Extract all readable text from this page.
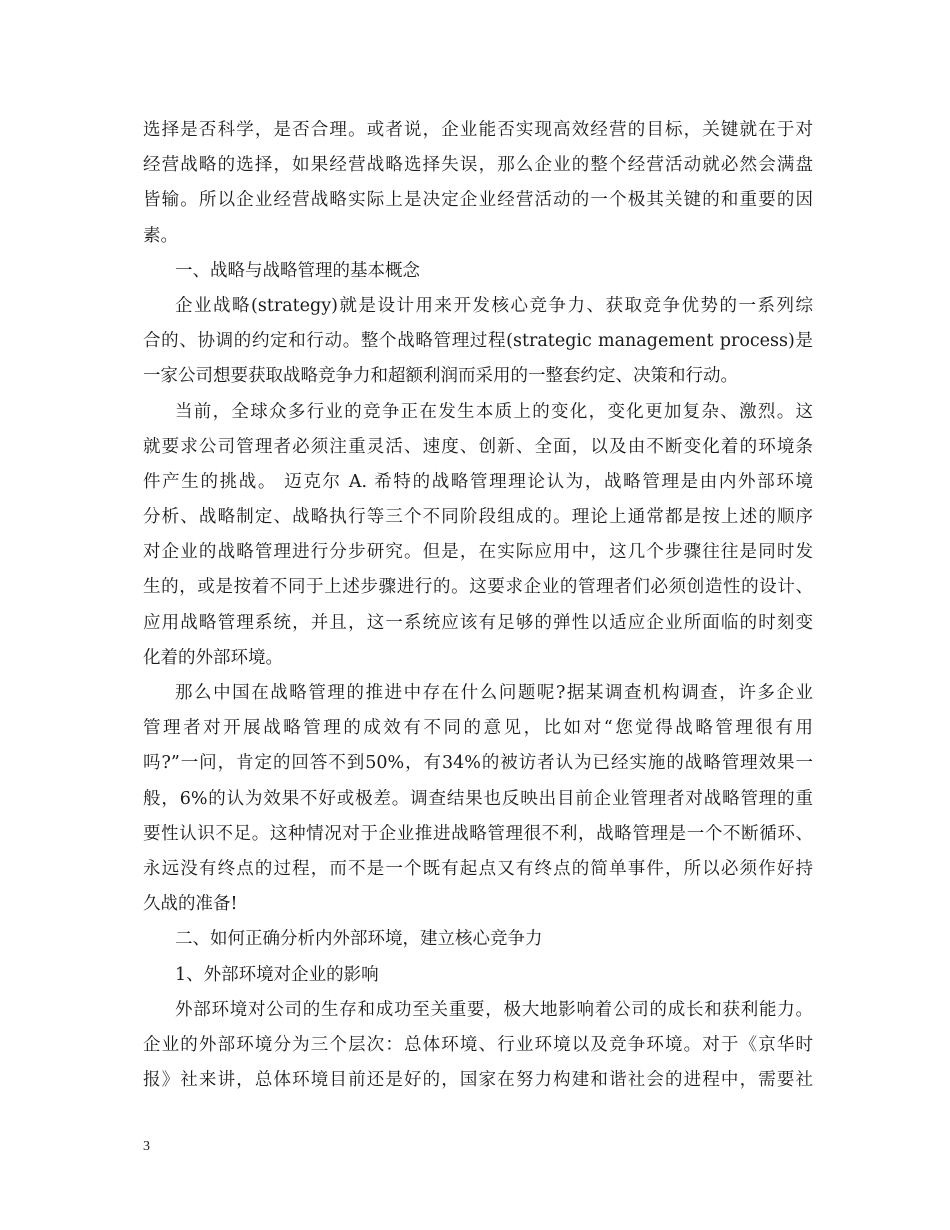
选择是否科学，是否合理。或者说，企业能否实现高效经营的目标，关键就在于对
经营战略的选择，如果经营战略选择失误，那么企业的整个经营活动就必然会满盘
皆输。所以企业经营战略实际上是决定企业经营活动的一个极其关键的和重要的因
素。
一、战略与战略管理的基本概念
企业战略(strategy)就是设计用来开发核心竞争力、获取竞争优势的一系列综
合的、协调的约定和行动。整个战略管理过程(strategic management process)是
一家公司想要获取战略竞争力和超额利润而采用的一整套约定、决策和行动。
当前，全球众多行业的竞争正在发生本质上的变化，变化更加复杂、激烈。这
就要求公司管理者必须注重灵活、速度、创新、全面，以及由不断变化着的环境条
件产生的挑战。 迈克尔 A. 希特的战略管理理论认为，战略管理是由内外部环境
分析、战略制定、战略执行等三个不同阶段组成的。理论上通常都是按上述的顺序
对企业的战略管理进行分步研究。但是，在实际应用中，这几个步骤往往是同时发
生的，或是按着不同于上述步骤进行的。这要求企业的管理者们必须创造性的设计、
应用战略管理系统，并且，这一系统应该有足够的弹性以适应企业所面临的时刻变
化着的外部环境。
那么中国在战略管理的推进中存在什么问题呢?据某调查机构调查，许多企业
管理者对开展战略管理的成效有不同的意见，比如对“您觉得战略管理很有用
吗?”一问，肯定的回答不到50%，有34%的被访者认为已经实施的战略管理效果一
般，6%的认为效果不好或极差。调查结果也反映出目前企业管理者对战略管理的重
要性认识不足。这种情况对于企业推进战略管理很不利，战略管理是一个不断循环、
永远没有终点的过程，而不是一个既有起点又有终点的简单事件，所以必须作好持
久战的准备!
二、如何正确分析内外部环境，建立核心竞争力
1、外部环境对企业的影响
外部环境对公司的生存和成功至关重要，极大地影响着公司的成长和获利能力。
企业的外部环境分为三个层次：总体环境、行业环境以及竞争环境。对于《京华时
报》社来讲，总体环境目前还是好的，国家在努力构建和谐社会的进程中，需要社
3
